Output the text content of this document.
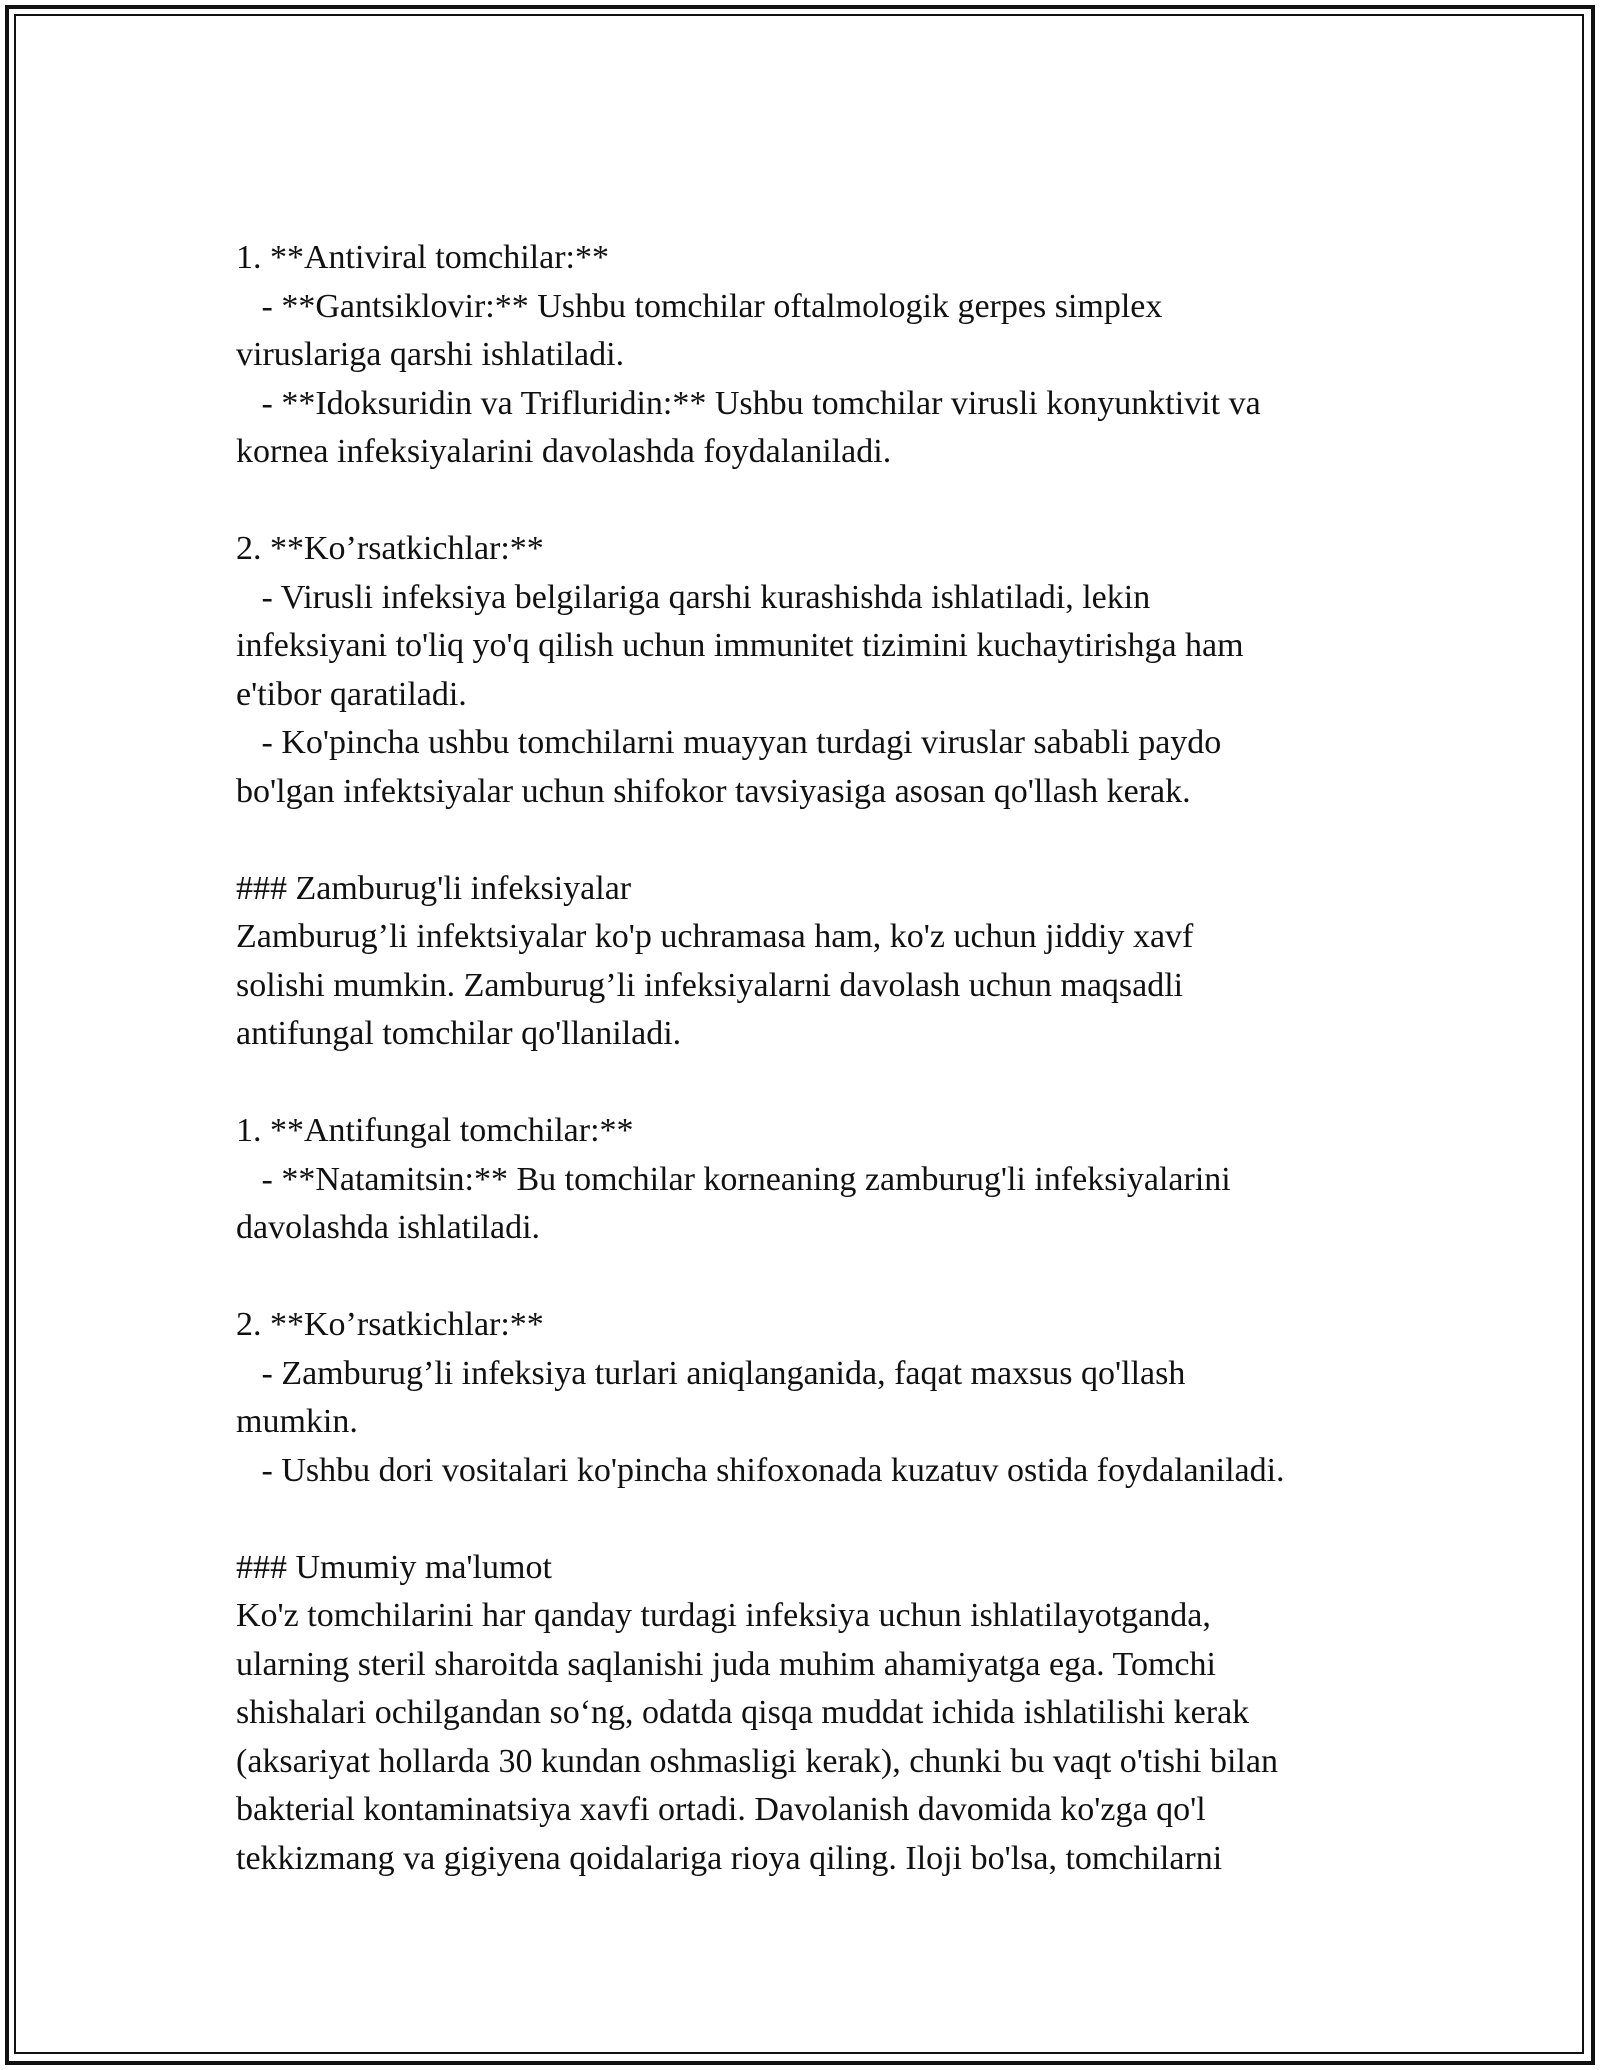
1. **Antiviral tomchilar:**
- **Gantsiklovir:** Ushbu tomchilar oftalmologik gerpes simplex
viruslariga qarshi ishlatiladi.
- **Idoksuridin va Trifluridin:** Ushbu tomchilar virusli konyunktivit va
kornea infeksiyalarini davolashda foydalaniladi.
2. **Ko’rsatkichlar:**
- Virusli infeksiya belgilariga qarshi kurashishda ishlatiladi, lekin
infeksiyani to'liq yo'q qilish uchun immunitet tizimini kuchaytirishga ham
e'tibor qaratiladi.
- Ko'pincha ushbu tomchilarni muayyan turdagi viruslar sababli paydo
bo'lgan infektsiyalar uchun shifokor tavsiyasiga asosan qo'llash kerak.
### Zamburug'li infeksiyalar
Zamburug’li infektsiyalar ko'p uchramasa ham, ko'z uchun jiddiy xavf
solishi mumkin. Zamburug’li infeksiyalarni davolash uchun maqsadli
antifungal tomchilar qo'llaniladi.
1. **Antifungal tomchilar:**
- **Natamitsin:** Bu tomchilar korneaning zamburug'li infeksiyalarini
davolashda ishlatiladi.
2. **Ko’rsatkichlar:**
- Zamburug’li infeksiya turlari aniqlanganida, faqat maxsus qo'llash
mumkin.
- Ushbu dori vositalari ko'pincha shifoxonada kuzatuv ostida foydalaniladi.
### Umumiy ma'lumot
Ko'z tomchilarini har qanday turdagi infeksiya uchun ishlatilayotganda,
ularning steril sharoitda saqlanishi juda muhim ahamiyatga ega. Tomchi
shishalari ochilgandan so‘ng, odatda qisqa muddat ichida ishlatilishi kerak
(aksariyat hollarda 30 kundan oshmasligi kerak), chunki bu vaqt o'tishi bilan
bakterial kontaminatsiya xavfi ortadi. Davolanish davomida ko'zga qo'l
tekkizmang va gigiyena qoidalariga rioya qiling. Iloji bo'lsa, tomchilarni
